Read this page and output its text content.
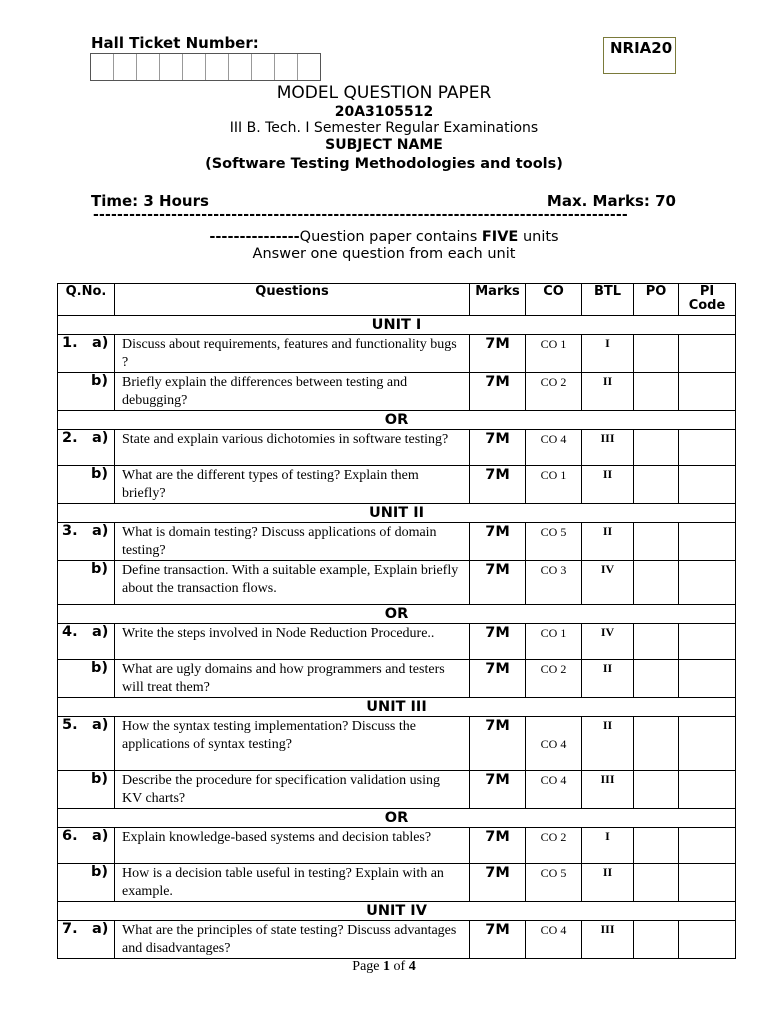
Hall Ticket Number:	NRIA20
MODEL QUESTION PAPER
20A3105512
III B. Tech. I Semester Regular Examinations
SUBJECT NAME
(Software Testing Methodologies and tools)
Time: 3 Hours	Max. Marks: 70
-----------------------------------------------------------------------------------------
---------------Question paper contains FIVE units
Answer one question from each unit
Q.No.	Questions	Marks	CO	BTL	PO	PI Code
UNIT I						

1. a)	Discuss about requirements, features and functionality bugs ?	7M	CO 1	I		

b)	Briefly explain the differences between testing and debugging?	7M	CO 2	II		
OR						

2. a)	State and explain various dichotomies in software testing?	7M	CO 4	III		

b)	What are the different types of testing? Explain them briefly?	7M	CO 1	II		
UNIT II						

3. a)	What is domain testing? Discuss applications of domain testing?	7M	CO 5	II		

b)	Define transaction. With a suitable example, Explain briefly about the transaction flows.	7M	CO 3	IV		
OR						

4. a)	Write the steps involved in Node Reduction Procedure..	7M	CO 1	IV		

b)	What are ugly domains and how programmers and testers will treat them?	7M	CO 2	II		
UNIT III						

5. a)	How the syntax testing implementation? Discuss the applications of syntax testing?	7M	CO 4	II		

b)	Describe the procedure for specification validation using KV charts?	7M	CO 4	III		
OR						

6. a)	Explain knowledge-based systems and decision tables?	7M	CO 2	I		

b)	How is a decision table useful in testing? Explain with an example.	7M	CO 5	II		
UNIT IV						

7. a)	What are the principles of state testing? Discuss advantages and disadvantages?	7M	CO 4	III		
Page 1 of 4
